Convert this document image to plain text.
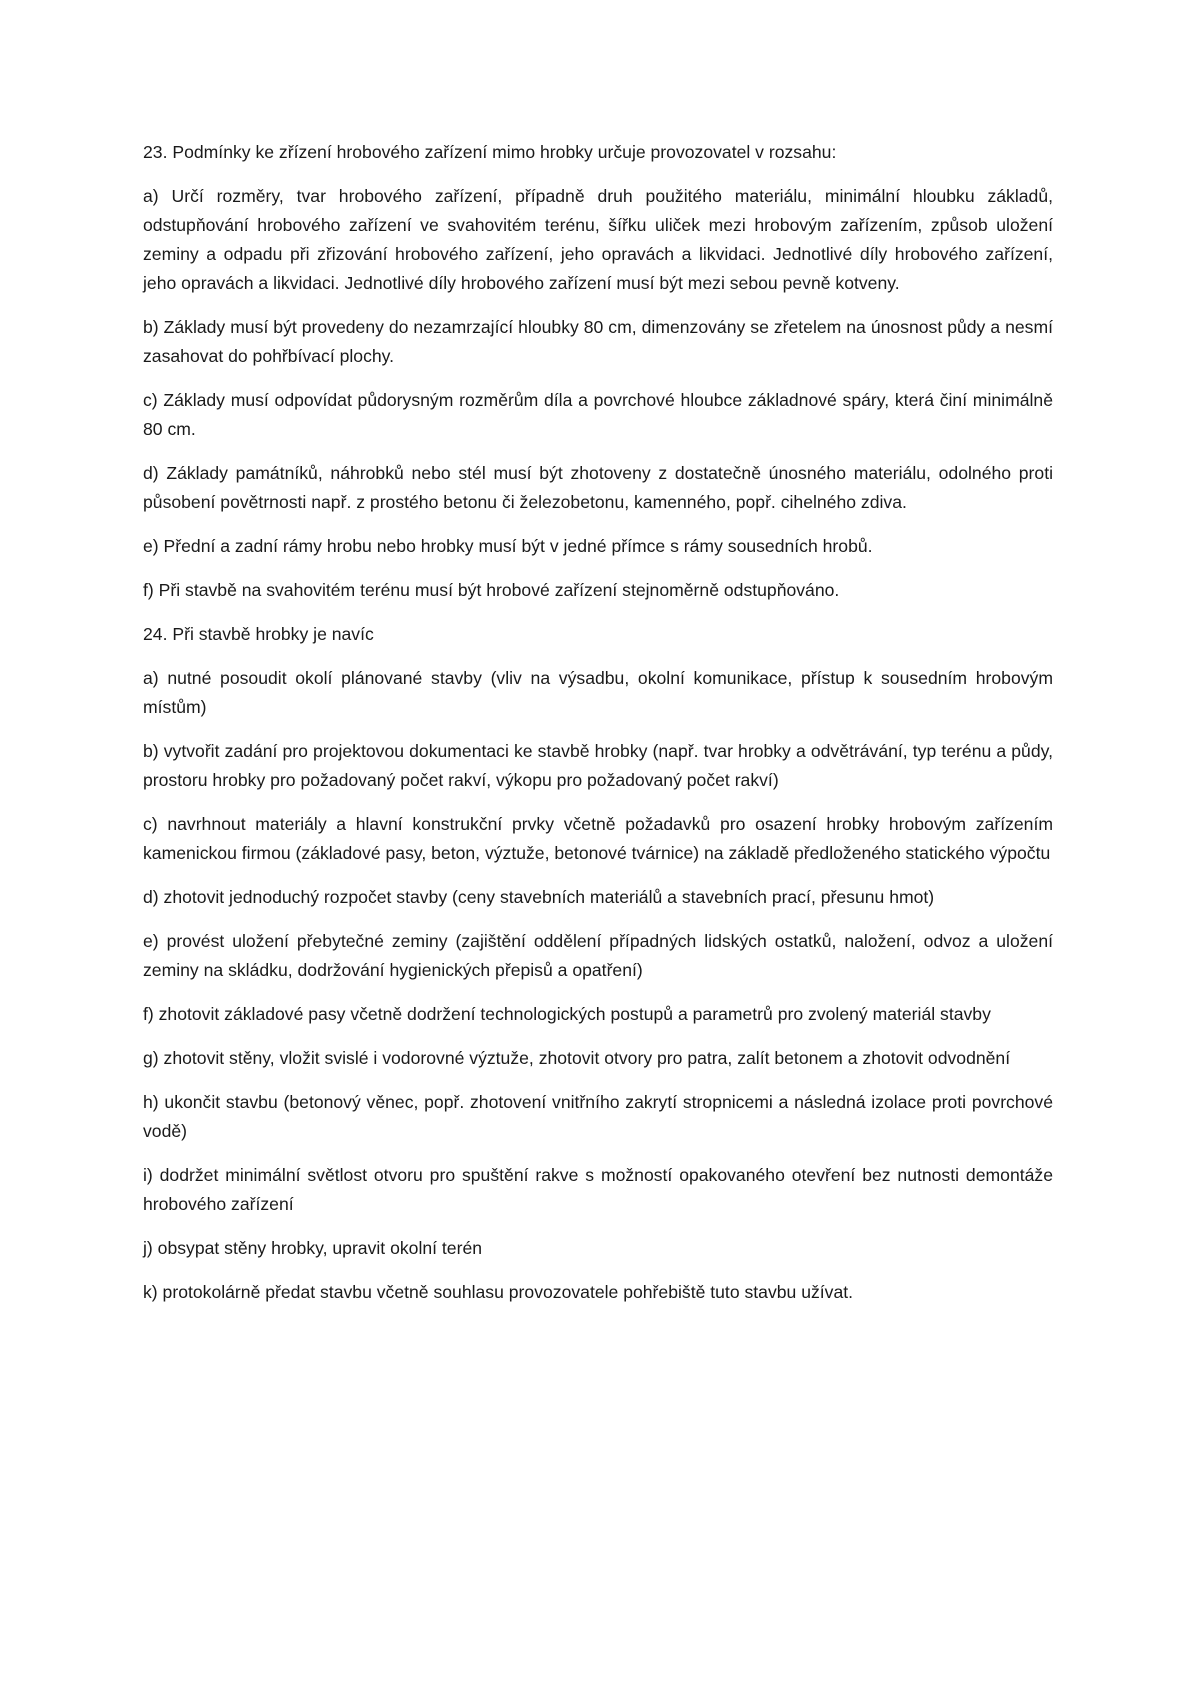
23. Podmínky ke zřízení hrobového zařízení mimo hrobky určuje provozovatel v rozsahu:

a) Určí rozměry, tvar hrobového zařízení, případně druh použitého materiálu, minimální hloubku základů, odstupňování hrobového zařízení ve svahovitém terénu, šířku uliček mezi hrobovým zařízením, způsob uložení zeminy a odpadu při zřizování hrobového zařízení, jeho opravách a likvidaci. Jednotlivé díly hrobového zařízení, jeho opravách a likvidaci. Jednotlivé díly hrobového zařízení musí být mezi sebou pevně kotveny.

b) Základy musí být provedeny do nezamrzající hloubky 80 cm, dimenzovány se zřetelem na únosnost půdy a nesmí zasahovat do pohřbívací plochy.

c) Základy musí odpovídat půdorysným rozměrům díla a povrchové hloubce základnové spáry, která činí minimálně 80 cm.

d) Základy památníků, náhrobků nebo stél musí být zhotoveny z dostatečně únosného materiálu, odolného proti působení povětrnosti např. z prostého betonu či železobetonu, kamenného, popř. cihelného zdiva.

e) Přední a zadní rámy hrobu nebo hrobky musí být v jedné přímce s rámy sousedních hrobů.

f) Při stavbě na svahovitém terénu musí být hrobové zařízení stejnoměrně odstupňováno.

24. Při stavbě hrobky je navíc

a) nutné posoudit okolí plánované stavby (vliv na výsadbu, okolní komunikace, přístup k sousedním hrobovým místům)

b) vytvořit zadání pro projektovou dokumentaci ke stavbě hrobky (např. tvar hrobky a odvětrávání, typ terénu a půdy, prostoru hrobky pro požadovaný počet rakví, výkopu pro požadovaný počet rakví)

c) navrhnout materiály a hlavní konstrukční prvky včetně požadavků pro osazení hrobky hrobovým zařízením kamenickou firmou (základové pasy, beton, výztuže, betonové tvárnice) na základě předloženého statického výpočtu

d) zhotovit jednoduchý rozpočet stavby (ceny stavebních materiálů a stavebních prací, přesunu hmot)

e) provést uložení přebytečné zeminy (zajištění oddělení případných lidských ostatků, naložení, odvoz a uložení zeminy na skládku, dodržování hygienických přepisů a opatření)

f) zhotovit základové pasy včetně dodržení technologických postupů a parametrů pro zvolený materiál stavby

g) zhotovit stěny, vložit svislé i vodorovné výztuže, zhotovit otvory pro patra, zalít betonem a zhotovit odvodnění

h) ukončit stavbu (betonový věnec, popř. zhotovení vnitřního zakrytí stropnicemi a následná izolace proti povrchové vodě)

i) dodržet minimální světlost otvoru pro spuštění rakve s možností opakovaného otevření bez nutnosti demontáže hrobového zařízení

j) obsypat stěny hrobky, upravit okolní terén

k) protokolárně předat stavbu včetně souhlasu provozovatele pohřebiště tuto stavbu užívat.
